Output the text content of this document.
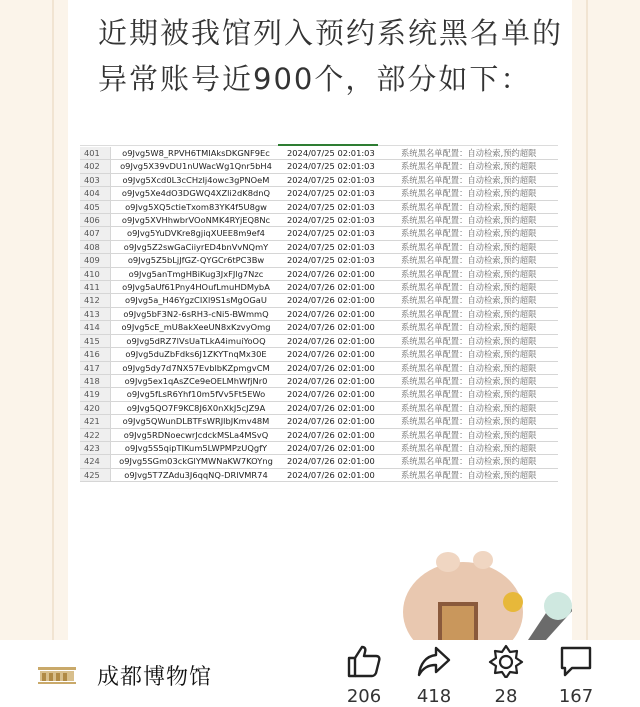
近期被我馆列入预约系统黑名单的
异常账号近900个，部分如下：
401	o9Jvg5W8_RPVH6TMIAksDKGNF9Ec	2024/07/25 02:01:03	系统黑名单配置：自动检索,预约超限
402	o9Jvg5X39vDU1nUWacWg1Qnr5bH4	2024/07/25 02:01:03	系统黑名单配置：自动检索,预约超限
403	o9Jvg5Xcd0L3cCHzIj4owc3gPNOeM	2024/07/25 02:01:03	系统黑名单配置：自动检索,预约超限
404	o9Jvg5Xe4dO3DGWQ4XZli2dK8dnQ	2024/07/25 02:01:03	系统黑名单配置：自动检索,预约超限
405	o9Jvg5XQ5ctieTxom83YK4f5U8gw	2024/07/25 02:01:03	系统黑名单配置：自动检索,预约超限
406	o9Jvg5XVHhwbrVOoNMK4RYjEQ8Nc	2024/07/25 02:01:03	系统黑名单配置：自动检索,预约超限
407	o9Jvg5YuDVKre8gjiqXUEE8m9ef4	2024/07/25 02:01:03	系统黑名单配置：自动检索,预约超限
408	o9Jvg5Z2swGaCiiyrED4bnVvNQmY	2024/07/25 02:01:03	系统黑名单配置：自动检索,预约超限
409	o9Jvg5Z5bLjJfGZ-QYGCr6tPC3Bw	2024/07/25 02:01:03	系统黑名单配置：自动检索,预约超限
410	o9Jvg5anTmgHBiKug3JxFJlg7Nzc	2024/07/26 02:01:00	系统黑名单配置：自动检索,预约超限
411	o9Jvg5aUf61Pny4HOufLmuHDMybA	2024/07/26 02:01:00	系统黑名单配置：自动检索,预约超限
412	o9Jvg5a_H46YgzCIXl9S1sMgOGaU	2024/07/26 02:01:00	系统黑名单配置：自动检索,预约超限
413	o9Jvg5bF3N2-6sRH3-cNi5-BWmmQ	2024/07/26 02:01:00	系统黑名单配置：自动检索,预约超限
414	o9Jvg5cE_mU8akXeeUN8xKzvyOmg	2024/07/26 02:01:00	系统黑名单配置：自动检索,预约超限
415	o9Jvg5dRZ7lVsUaTLkA4imuiYoOQ	2024/07/26 02:01:00	系统黑名单配置：自动检索,预约超限
416	o9Jvg5duZbFdks6J1ZKYTnqMx30E	2024/07/26 02:01:00	系统黑名单配置：自动检索,预约超限
417	o9Jvg5dy7d7NX57EvblbKZpmgvCM	2024/07/26 02:01:00	系统黑名单配置：自动检索,预约超限
418	o9Jvg5ex1qAsZCe9eOELMhWfjNr0	2024/07/26 02:01:00	系统黑名单配置：自动检索,预约超限
419	o9Jvg5fLsR6Yhf10m5fVv5Ft5EWo	2024/07/26 02:01:00	系统黑名单配置：自动检索,预约超限
420	o9Jvg5QO7F9KC8J6X0nXkJ5cJZ9A	2024/07/26 02:01:00	系统黑名单配置：自动检索,预约超限
421	o9Jvg5QWunDLBTFsWRJlbJKmv48M	2024/07/26 02:01:00	系统黑名单配置：自动检索,预约超限
422	o9Jvg5RDNoecwrJcdckMSLa4MSvQ	2024/07/26 02:01:00	系统黑名单配置：自动检索,预约超限
423	o9Jvg5S5qipTIKum5LWPMPzUQgfY	2024/07/26 02:01:00	系统黑名单配置：自动检索,预约超限
424	o9Jvg5SGm03ckGlYMWNaKW7KOYng	2024/07/26 02:01:00	系统黑名单配置：自动检索,预约超限
425	o9Jvg5T7ZAdu3J6qqNQ-DRlVMR74	2024/07/26 02:01:00	系统黑名单配置：自动检索,预约超限
成都博物馆
206	418	28	167
